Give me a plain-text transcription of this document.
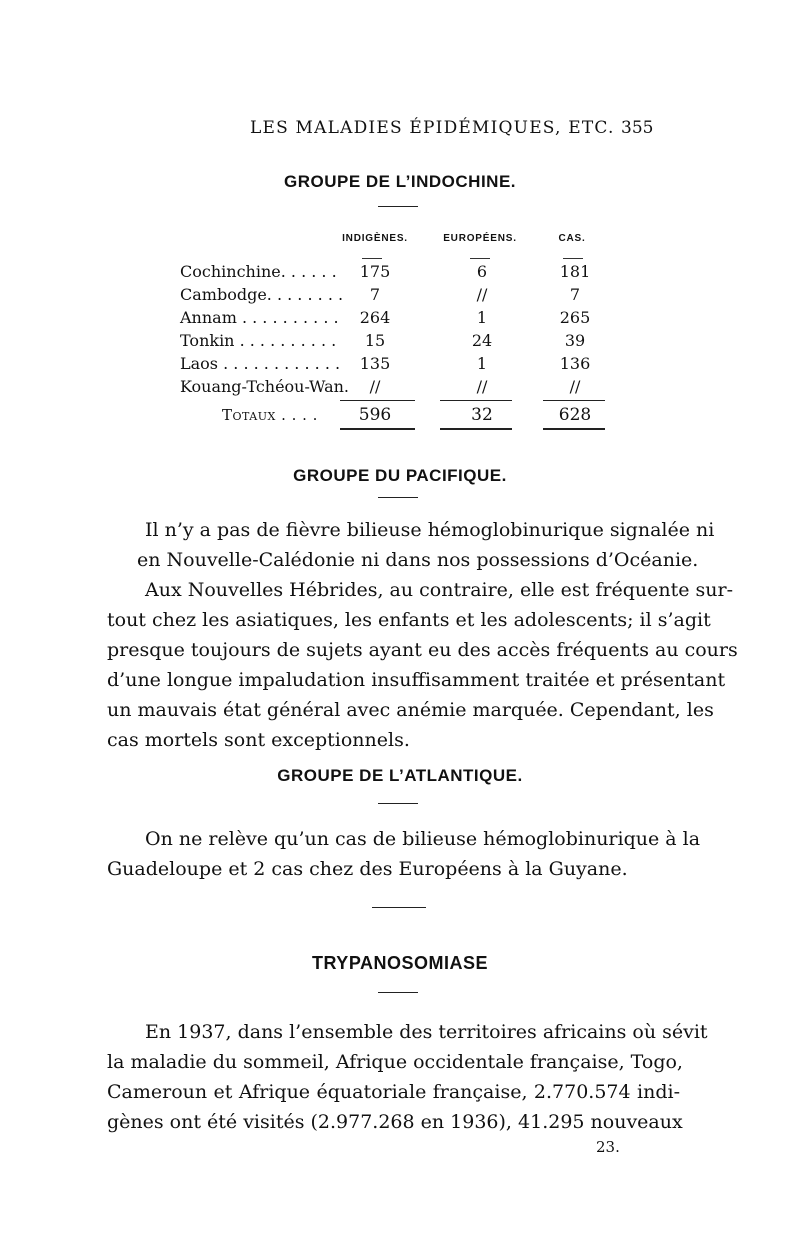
LES MALADIES ÉPIDÉMIQUES, ETC. 355
GROUPE DE L’INDOCHINE.
INDIGÈNES.	EUROPÉENS.	CAS.
Cochinchine. . . . . .	175	6	181
Cambodge. . . . . . . .	7	//	7
Annam . . . . . . . . . .	264	1	265
Tonkin . . . . . . . . . .	15	24	39
Laos . . . . . . . . . . . .	135	1	136
Kouang-Tchéou-Wan.	//	//	//
Totaux . . . .	596	32	628
GROUPE DU PACIFIQUE.
Il n’y a pas de fièvre bilieuse hémoglobinurique signalée ni
en Nouvelle-Calédonie ni dans nos possessions d’Océanie.
Aux Nouvelles Hébrides, au contraire, elle est fréquente sur-
tout chez les asiatiques, les enfants et les adolescents; il s’agit
presque toujours de sujets ayant eu des accès fréquents au cours
d’une longue impaludation insuffisamment traitée et présentant
un mauvais état général avec anémie marquée. Cependant, les
cas mortels sont exceptionnels.
GROUPE DE L’ATLANTIQUE.
On ne relève qu’un cas de bilieuse hémoglobinurique à la
Guadeloupe et 2 cas chez des Européens à la Guyane.
TRYPANOSOMIASE
En 1937, dans l’ensemble des territoires africains où sévit
la maladie du sommeil, Afrique occidentale française, Togo,
Cameroun et Afrique équatoriale française, 2.770.574 indi-
gènes ont été visités (2.977.268 en 1936), 41.295 nouveaux
23.
